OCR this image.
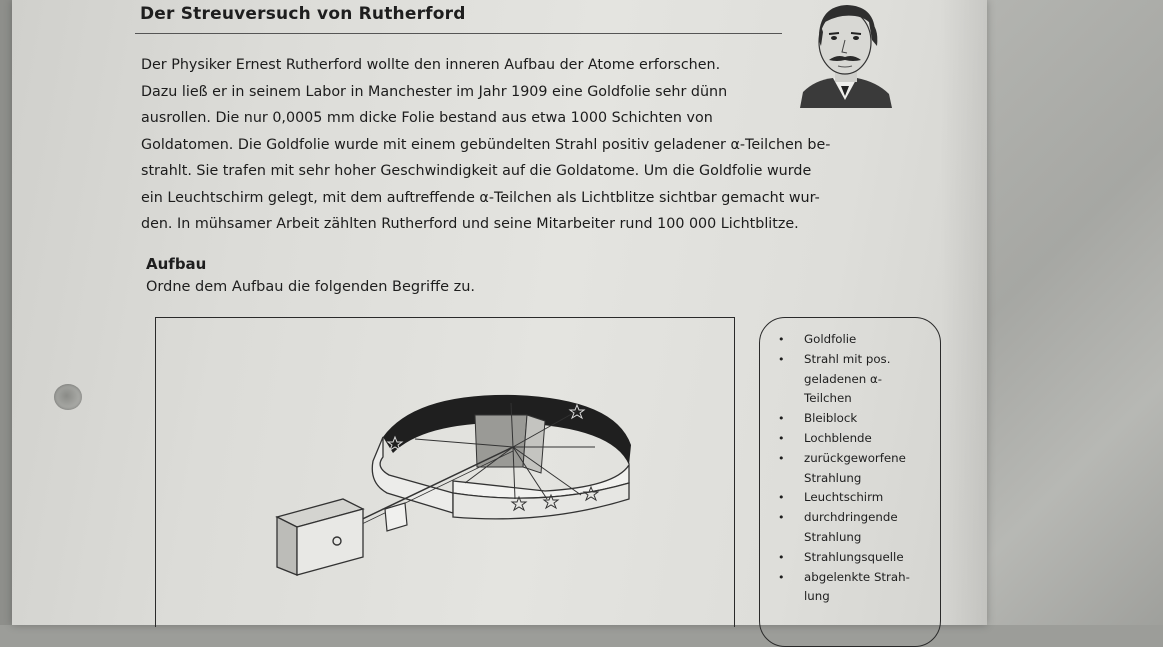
Der Streuversuch von Rutherford
Der Physiker Ernest Rutherford wollte den inneren Aufbau der Atome erforschen.
Dazu ließ er in seinem Labor in Manchester im Jahr 1909 eine Goldfolie sehr dünn
ausrollen. Die nur 0,0005 mm dicke Folie bestand aus etwa 1000 Schichten von
Goldatomen. Die Goldfolie wurde mit einem gebündelten Strahl positiv geladener α-Teilchen be-
strahlt. Sie trafen mit sehr hoher Geschwindigkeit auf die Goldatome. Um die Goldfolie wurde
ein Leuchtschirm gelegt, mit dem auftreffende α-Teilchen als Lichtblitze sichtbar gemacht wur-
den. In mühsamer Arbeit zählten Rutherford und seine Mitarbeiter rund 100 000 Lichtblitze.
Aufbau
Ordne dem Aufbau die folgenden Begriffe zu.
• Goldfolie
• Strahl mit pos.
geladenen α-
Teilchen
• Bleiblock
• Lochblende
• zurückgeworfene
Strahlung
• Leuchtschirm
• durchdringende
Strahlung
• Strahlungsquelle
• abgelenkte Strah-
lung
